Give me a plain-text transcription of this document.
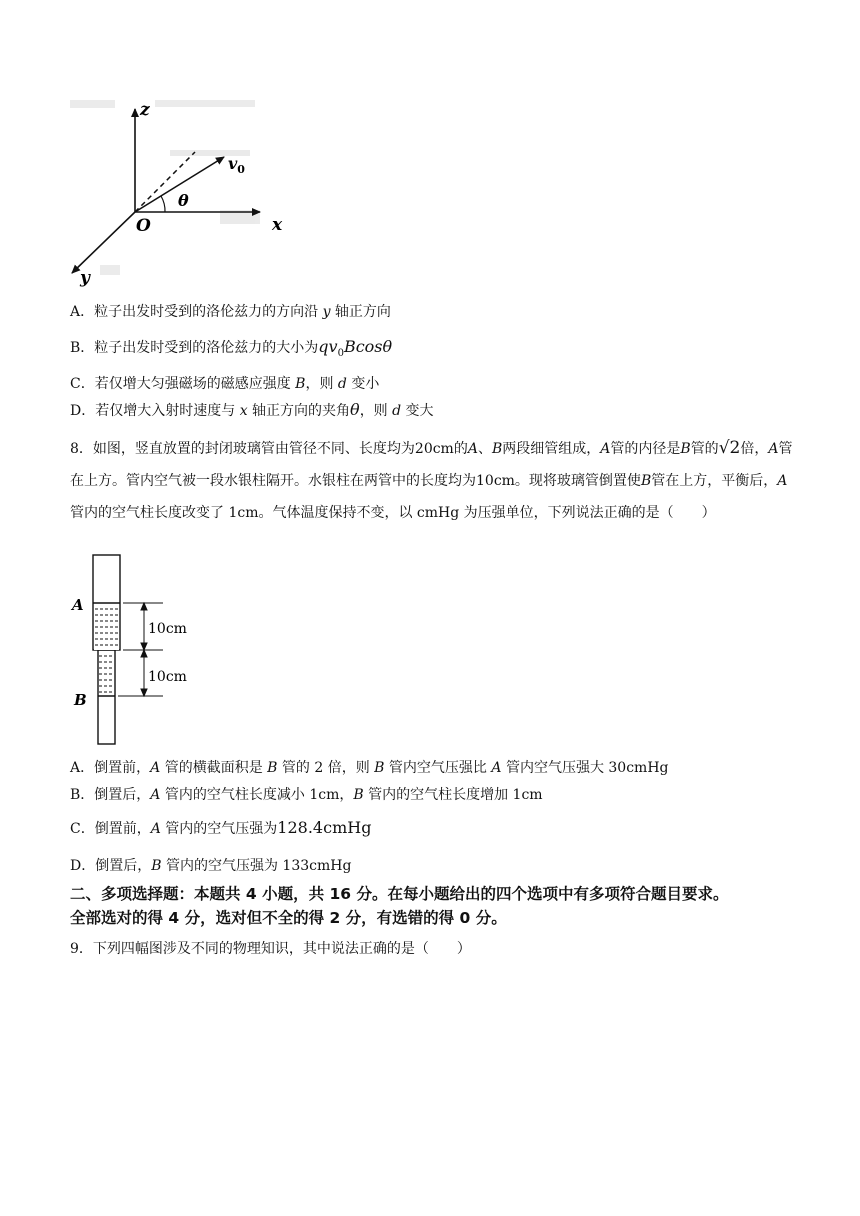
z
x
y
O
θ
$v_0$
A．粒子出发时受到的洛伦兹力的方向沿 y 轴正方向
B．粒子出发时受到的洛伦兹力的大小为$qv_0Bcos\theta$
C．若仅增大匀强磁场的磁感应强度 B，则 d 变小
D．若仅增大入射时速度与 x 轴正方向的夹角θ，则 d 变大
8．如图，竖直放置的封闭玻璃管由管径不同、长度均为20cm的A、B两段细管组成，A管的内径是B管的√2倍，A管在上方。管内空气被一段水银柱隔开。水银柱在两管中的长度均为10cm。现将玻璃管倒置使B管在上方，平衡后，A管内的空气柱长度改变了 1cm。气体温度保持不变，以 cmHg 为压强单位，下列说法正确的是（　　）
A
B
10cm
10cm
A．倒置前，A 管的横截面积是 B 管的 2 倍，则 B 管内空气压强比 A 管内空气压强大 30cmHg
B．倒置后，A 管内的空气柱长度减小 1cm，B 管内的空气柱长度增加 1cm
C．倒置前，A 管内的空气压强为128.4cmHg
D．倒置后，B 管内的空气压强为 133cmHg
二、多项选择题：本题共 4 小题，共 16 分。在每小题给出的四个选项中有多项符合题目要求。
全部选对的得 4 分，选对但不全的得 2 分，有选错的得 0 分。
9．下列四幅图涉及不同的物理知识，其中说法正确的是（　　）
